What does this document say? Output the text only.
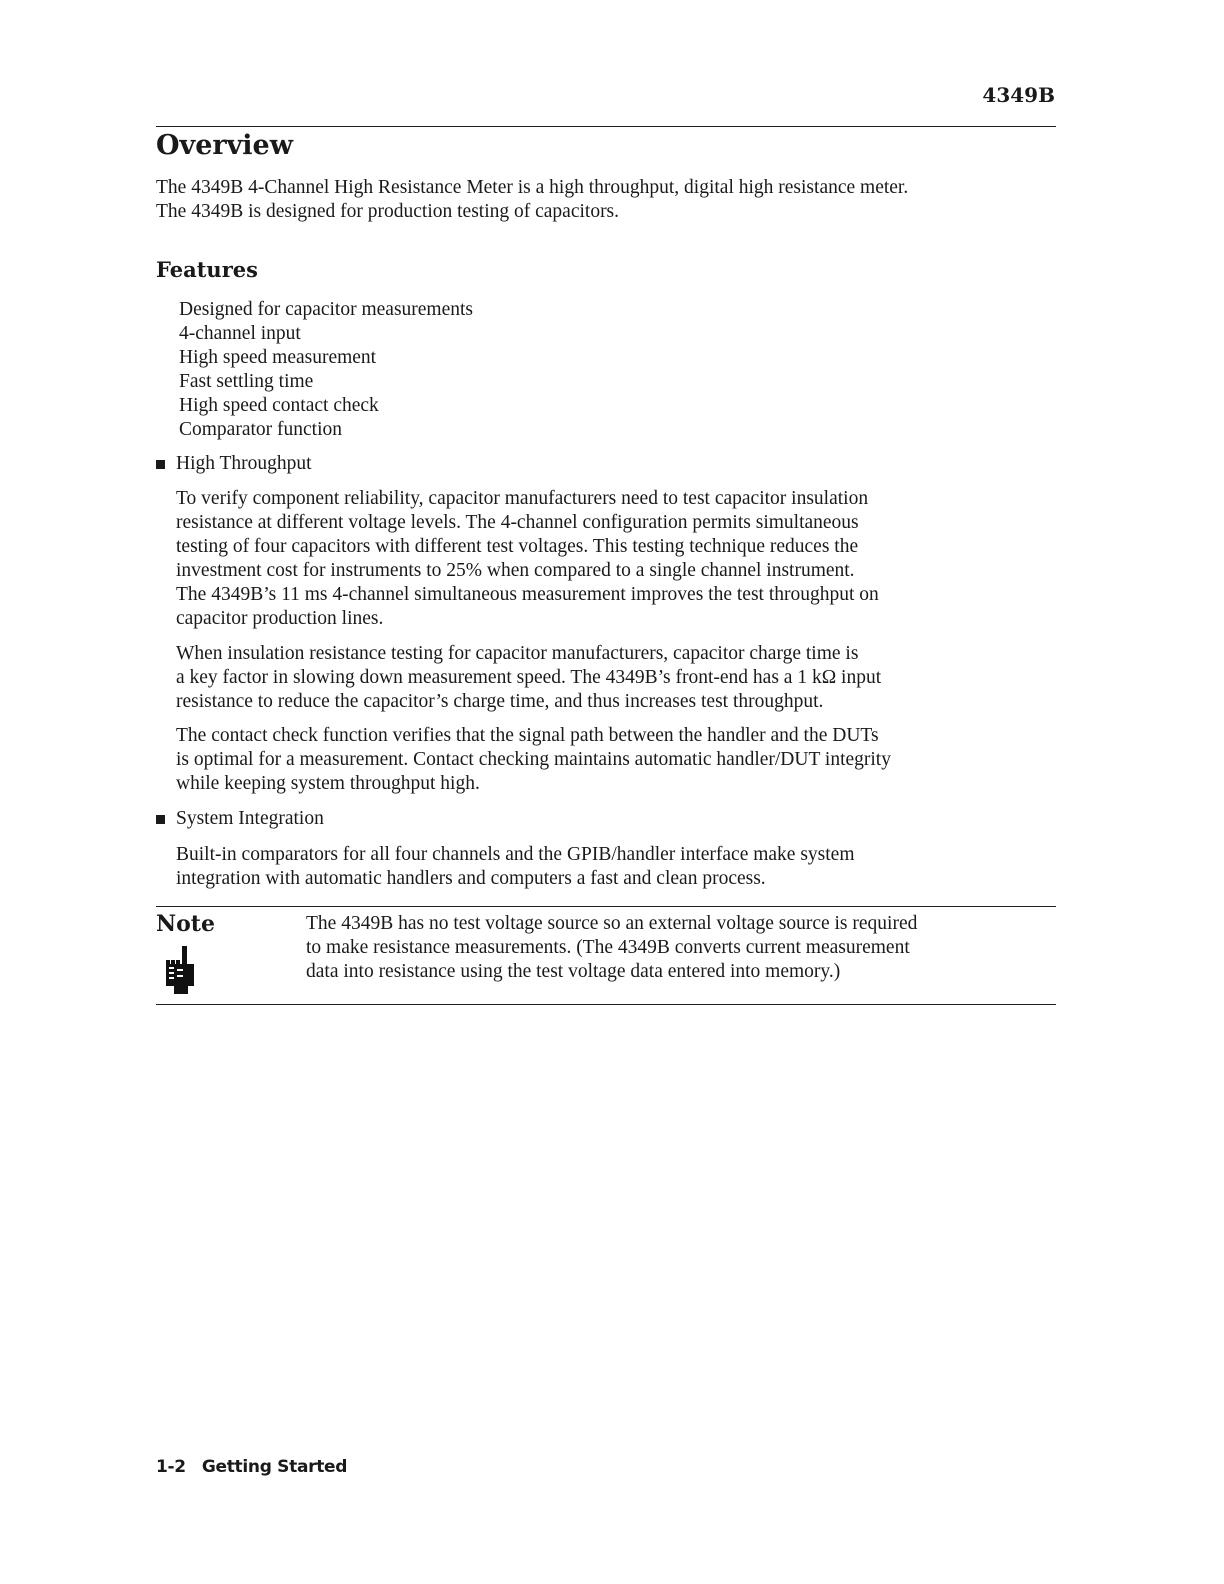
4349B
Overview

The 4349B 4-Channel High Resistance Meter is a high throughput, digital high resistance meter.

The 4349B is designed for production testing of capacitors.

Features
Designed for capacitor measurements
4-channel input
High speed measurement
Fast settling time
High speed contact check
Comparator function
High Throughput
To verify component reliability, capacitor manufacturers need to test capacitor insulation
resistance at different voltage levels. The 4-channel configuration permits simultaneous
testing of four capacitors with different test voltages. This testing technique reduces the
investment cost for instruments to 25% when compared to a single channel instrument.
The 4349B’s 11 ms 4-channel simultaneous measurement improves the test throughput on
capacitor production lines.
When insulation resistance testing for capacitor manufacturers, capacitor charge time is
a key factor in slowing down measurement speed. The 4349B’s front-end has a 1 kΩ input
resistance to reduce the capacitor’s charge time, and thus increases test throughput.
The contact check function verifies that the signal path between the handler and the DUTs
is optimal for a measurement. Contact checking maintains automatic handler/DUT integrity
while keeping system throughput high.
System Integration
Built-in comparators for all four channels and the GPIB/handler interface make system
integration with automatic handlers and computers a fast and clean process.
Note	The 4349B has no test voltage source so an external voltage source is required
to make resistance measurements. (The 4349B converts current measurement
data into resistance using the test voltage data entered into memory.)
1-2 Getting Started
